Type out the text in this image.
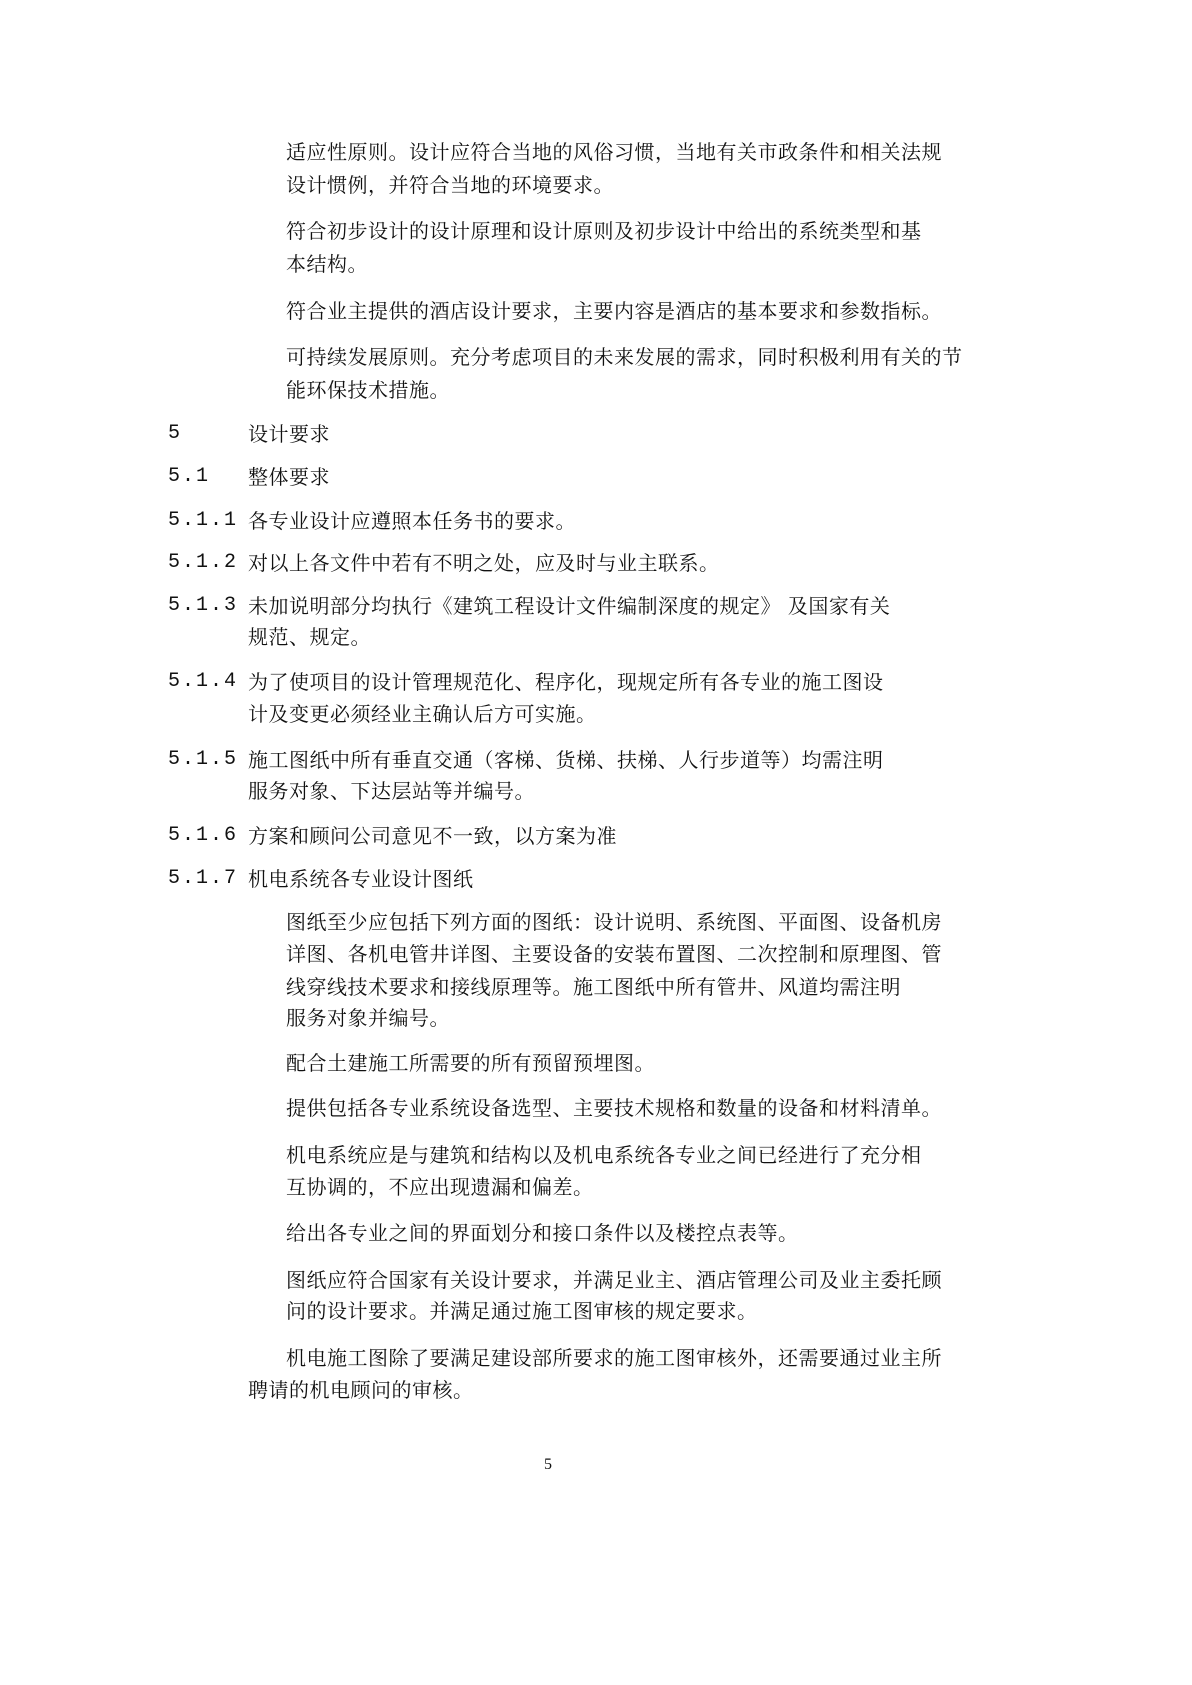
适应性原则。设计应符合当地的风俗习惯，当地有关市政条件和相关法规
设计惯例，并符合当地的环境要求。
符合初步设计的设计原理和设计原则及初步设计中给出的系统类型和基
本结构。
符合业主提供的酒店设计要求，主要内容是酒店的基本要求和参数指标。
可持续发展原则。充分考虑项目的未来发展的需求，同时积极利用有关的节
能环保技术措施。
5	设计要求
5.1 整体要求
5.1.1 各专业设计应遵照本任务书的要求。
5.1.2 对以上各文件中若有不明之处，应及时与业主联系。
5.1.3 未加说明部分均执行《建筑工程设计文件编制深度的规定》 及国家有关
规范、规定。
5.1.4 为了使项目的设计管理规范化、程序化，现规定所有各专业的施工图设
计及变更必须经业主确认后方可实施。
5.1.5 施工图纸中所有垂直交通（客梯、货梯、扶梯、人行步道等）均需注明
服务对象、下达层站等并编号。
5.1.6 方案和顾问公司意见不一致，以方案为准
5.1.7 机电系统各专业设计图纸
图纸至少应包括下列方面的图纸：设计说明、系统图、平面图、设备机房
详图、各机电管井详图、主要设备的安装布置图、二次控制和原理图、管
线穿线技术要求和接线原理等。施工图纸中所有管井、风道均需注明
服务对象并编号。
配合土建施工所需要的所有预留预埋图。
提供包括各专业系统设备选型、主要技术规格和数量的设备和材料清单。
机电系统应是与建筑和结构以及机电系统各专业之间已经进行了充分相
互协调的，不应出现遗漏和偏差。
给出各专业之间的界面划分和接口条件以及楼控点表等。
图纸应符合国家有关设计要求，并满足业主、酒店管理公司及业主委托顾
问的设计要求。并满足通过施工图审核的规定要求。
机电施工图除了要满足建设部所要求的施工图审核外，还需要通过业主所
聘请的机电顾问的审核。
5
